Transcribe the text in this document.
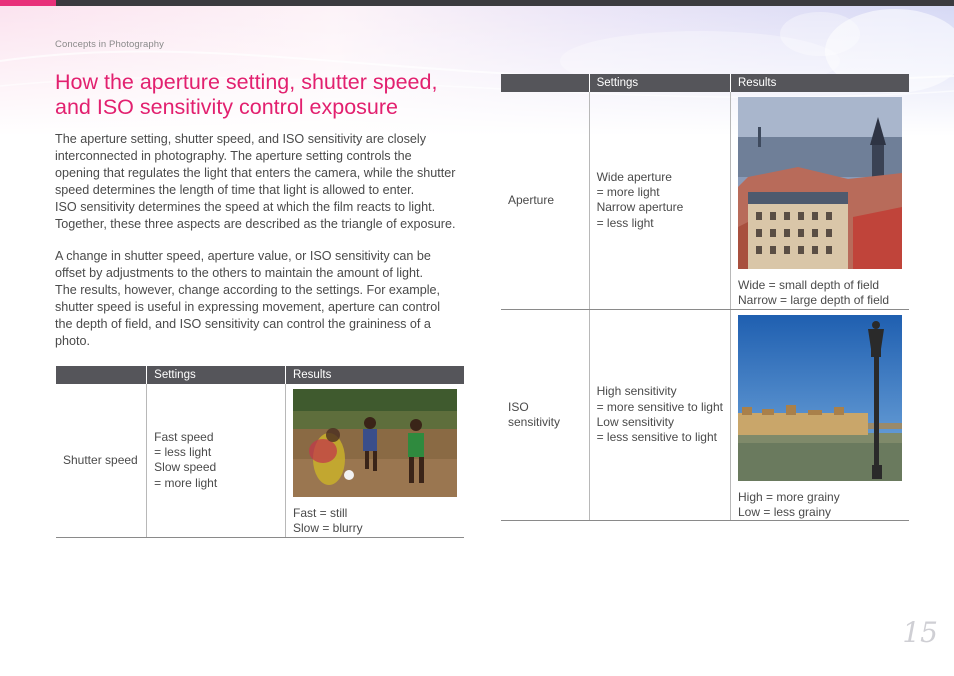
Concepts in Photography
How the aperture setting, shutter speed,
and ISO sensitivity control exposure

The aperture setting, shutter speed, and ISO sensitivity are closely
interconnected in photography. The aperture setting controls the
opening that regulates the light that enters the camera, while the shutter
speed determines the length of time that light is allowed to enter.
ISO sensitivity determines the speed at which the film reacts to light.
Together, these three aspects are described as the triangle of exposure.

A change in shutter speed, aperture value, or ISO sensitivity can be
offset by adjustments to the others to maintain the amount of light.
The results, however, change according to the settings. For example,
shutter speed is useful in expressing movement, aperture can control
the depth of field, and ISO sensitivity can control the graininess of a
photo.

	Settings	Results
Shutter speed	Fast speed
= less light
Slow speed
= more light	Fast = still
Slow = blurry
	Settings	Results
Aperture	Wide aperture
= more light
Narrow aperture
= less light	Wide = small depth of field
Narrow = large depth of field

ISO sensitivity	High sensitivity
= more sensitive to light
Low sensitivity
= less sensitive to light	High = more grainy
Low = less grainy
15
